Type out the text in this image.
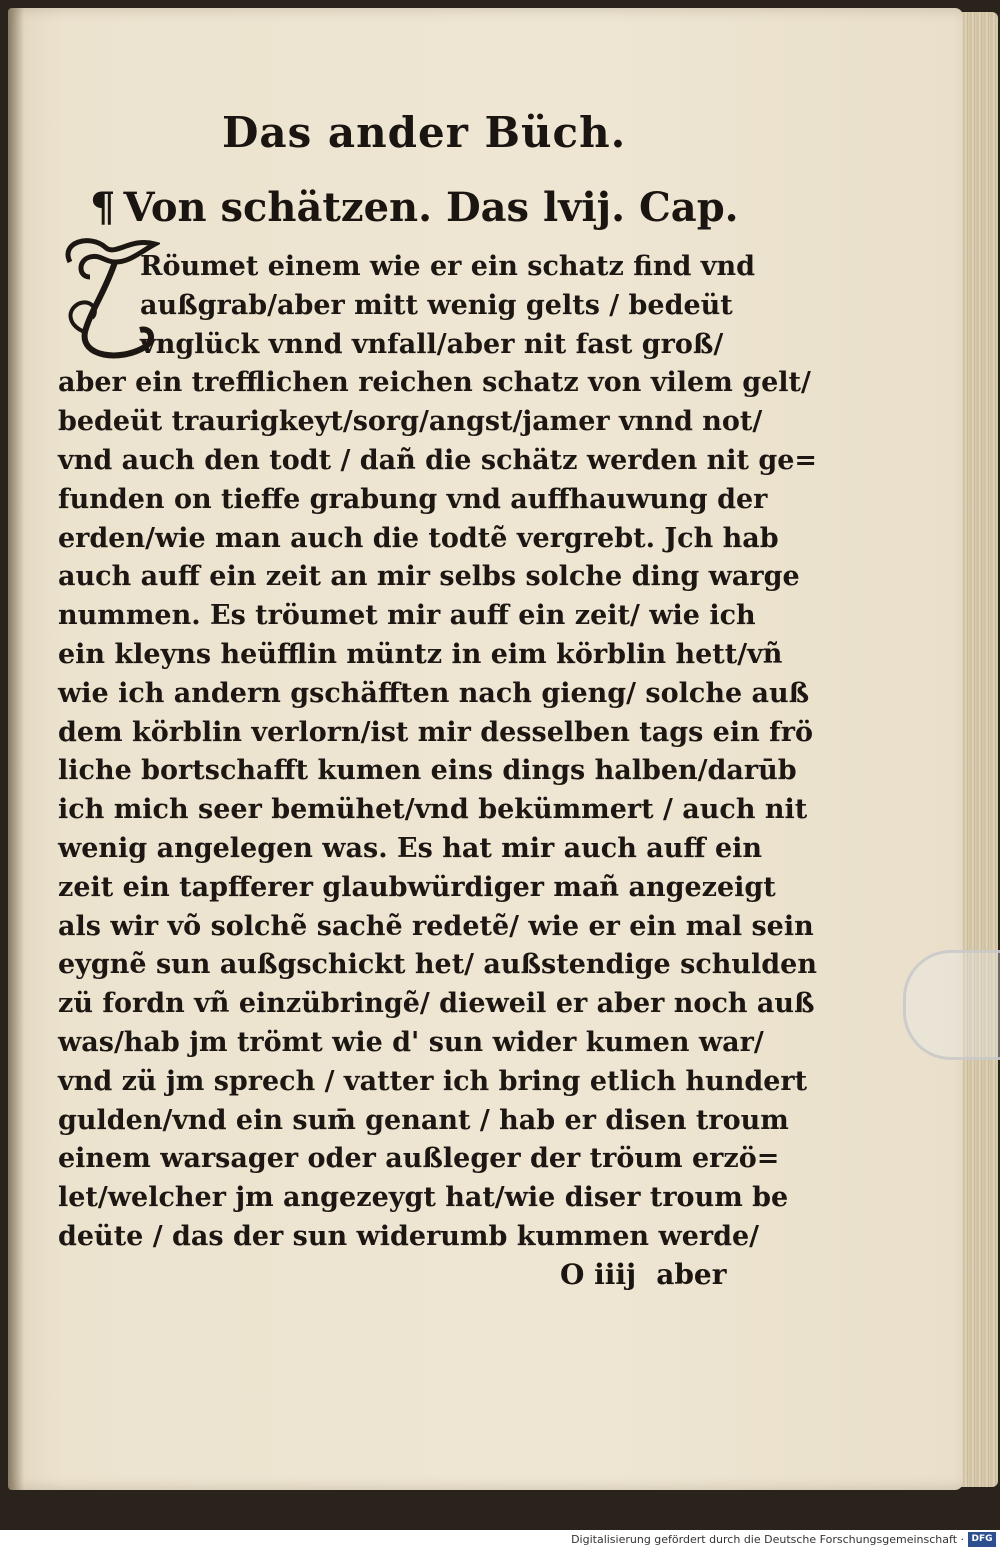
Das ander Büch.
¶ Von schätzen. Das lvij. Cap.
Röumet einem wie er ein schatz find vnd
außgrab/aber mitt wenig gelts / bedeüt
vnglück vnnd vnfall/aber nit fast groß/
aber ein trefflichen reichen schatz von vilem gelt/
bedeüt traurigkeyt/sorg/angst/jamer vnnd not/
vnd auch den todt / dañ die schätz werden nit ge=
funden on tieffe grabung vnd auffhauwung der
erden/wie man auch die todtẽ vergrebt. Jch hab
auch auff ein zeit an mir selbs solche ding warge
nummen. Es tröumet mir auff ein zeit/ wie ich
ein kleyns heüfflin müntz in eim körblin hett/vñ
wie ich andern gschäfften nach gieng/ solche auß
dem körblin verlorn/ist mir desselben tags ein frö
liche bortschafft kumen eins dings halben/darūb
ich mich seer bemühet/vnd bekümmert / auch nit
wenig angelegen was. Es hat mir auch auff ein
zeit ein tapfferer glaubwürdiger mañ angezeigt
als wir võ solchẽ sachẽ redetẽ/ wie er ein mal sein
eygnẽ sun außgschickt het/ außstendige schulden
zü fordn vñ einzübringẽ/ dieweil er aber noch auß
was/hab jm trömt wie d' sun wider kumen war/
vnd zü jm sprech / vatter ich bring etlich hundert
gulden/vnd ein sum̄ genant / hab er disen troum
einem warsager oder außleger der tröum erzö=
let/welcher jm angezeygt hat/wie diser troum be
deüte / das der sun widerumb kummen werde/
O iiij aber
Digitalisierung gefördert durch die Deutsche Forschungsgemeinschaft · DFG
